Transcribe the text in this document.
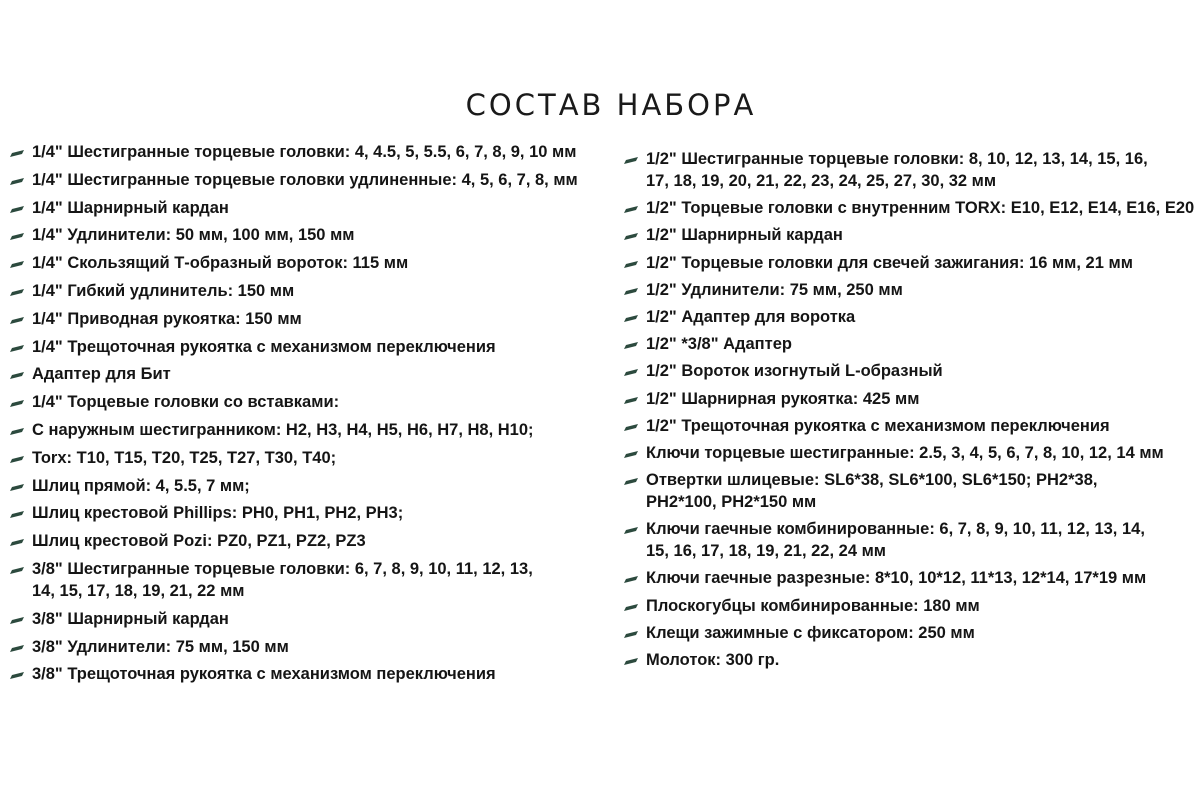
СОСТАВ НАБОРА
1/4" Шестигранные торцевые головки: 4, 4.5, 5, 5.5, 6, 7, 8, 9, 10 мм
1/4" Шестигранные торцевые головки удлиненные: 4, 5, 6, 7, 8, мм
1/4" Шарнирный кардан
1/4" Удлинители: 50 мм, 100 мм, 150 мм
1/4" Скользящий Т-образный вороток: 115 мм
1/4" Гибкий удлинитель: 150 мм
1/4" Приводная рукоятка: 150 мм
1/4" Трещоточная рукоятка с механизмом переключения
Адаптер для Бит
1/4" Торцевые головки со вставками:
С наружным шестигранником: H2, H3, H4, H5, H6, H7, H8, H10;
Torx: T10, T15, T20, T25, T27, T30, T40;
Шлиц прямой: 4, 5.5, 7 мм;
Шлиц крестовой Phillips: PH0, PH1, PH2, PH3;
Шлиц крестовой Pozi: PZ0, PZ1, PZ2, PZ3
3/8" Шестигранные торцевые головки: 6, 7, 8, 9, 10, 11, 12, 13,
14, 15, 17, 18, 19, 21, 22 мм
3/8" Шарнирный кардан
3/8" Удлинители: 75 мм, 150 мм
3/8" Трещоточная рукоятка с механизмом переключения
1/2" Шестигранные торцевые головки: 8, 10, 12, 13, 14, 15, 16,
17, 18, 19, 20, 21, 22, 23, 24, 25, 27, 30, 32 мм
1/2" Торцевые головки с внутренним TORX: E10, E12, E14, E16, E20
1/2" Шарнирный кардан
1/2" Торцевые головки для свечей зажигания: 16 мм, 21 мм
1/2" Удлинители: 75 мм, 250 мм
1/2" Адаптер для воротка
1/2" *3/8" Адаптер
1/2" Вороток изогнутый L-образный
1/2" Шарнирная рукоятка: 425 мм
1/2" Трещоточная рукоятка с механизмом переключения
Ключи торцевые шестигранные: 2.5, 3, 4, 5, 6, 7, 8, 10, 12, 14 мм
Отвертки шлицевые: SL6*38, SL6*100, SL6*150; PH2*38,
PH2*100, PH2*150 мм
Ключи гаечные комбинированные: 6, 7, 8, 9, 10, 11, 12, 13, 14,
15, 16, 17, 18, 19, 21, 22, 24 мм
Ключи гаечные разрезные: 8*10, 10*12, 11*13, 12*14, 17*19 мм
Плоскогубцы комбинированные: 180 мм
Клещи зажимные с фиксатором: 250 мм
Молоток: 300 гр.
